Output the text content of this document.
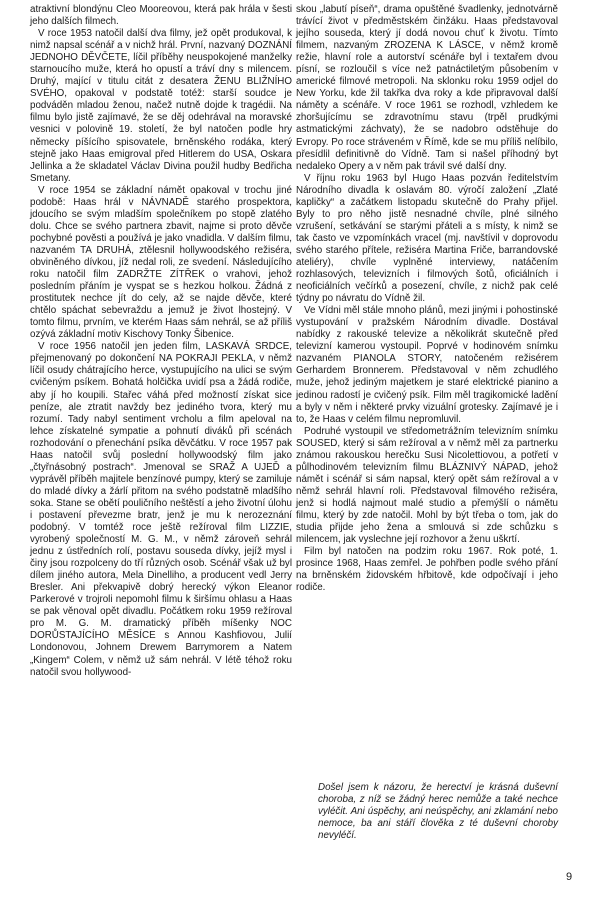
atraktivní blondýnu Cleo Mooreovou, která pak hrála v šesti jeho dalších filmech.

V roce 1953 natočil další dva filmy, jež opět produkoval, k nimž napsal scénář a v nichž hrál. První, nazvaný DOZNÁNÍ JEDNOHO DĚVČETE, líčil příběhy neuspokojené manželky starnoucího muže, která ho opustí a tráví dny s milencem. Druhý, mající v titulu citát z desatera ŽENU BLIŽNÍHO SVÉHO, opakoval v podstatě totéž: starší soudce je podváděn mladou ženou, načež nutně dojde k tragédii. Na filmu bylo jistě zajímavé, že se děj odehrával na moravské vesnici v polovině 19. století, že byl natočen podle hry německy píšícího spisovatele, brněnského rodáka, který stejně jako Haas emigroval před Hitlerem do USA, Oskara Jellinka a že skladatel Václav Divina použil hudby Bedřicha Smetany.

V roce 1954 se základní námět opakoval v trochu jiné podobě: Haas hrál v NÁVNADĚ starého prospektora, jdoucího se svým mladším společníkem po stopě zlatého dolu. Chce se svého partnera zbavit, najme si proto děvče pochybné pověsti a používá je jako vnadidla. V dalším filmu, nazvaném TA DRUHÁ, ztělesnil hollywoodského režiséra, obviněného dívkou, jíž nedal roli, ze svedení. Následujícího roku natočil film ZADRŽTE ZÍTŘEK o vrahovi, jehož posledním přáním je vyspat se s hezkou holkou. Žádná z prostitutek nechce jít do cely, až se najde děvče, které chtělo spáchat sebevraždu a jemuž je život lhostejný. V tomto filmu, prvním, ve kterém Haas sám nehrál, se až příliš ozývá základní motiv Kischovy Tonky Šibenice.

V roce 1956 natočil jen jeden film, LASKAVÁ SRDCE, přejmenovaný po dokončení NA POKRAJI PEKLA, v němž líčil osudy chátrajícího herce, vystupujícího na ulici se svým cvičeným psíkem. Bohatá holčička uvidí psa a žádá rodiče, aby jí ho koupili. Stařec váhá před možností získat sice peníze, ale ztratit navždy bez jediného tvora, který mu rozumí. Tady nabyl sentiment vrcholu a film apeloval na lehce získatelné sympatie a pohnutí diváků při scénách rozhodování o přenechání psíka děvčátku. V roce 1957 pak Haas natočil svůj poslední hollywoodský film jako „čtyřnásobný postrach“. Jmenoval se SRAŽ A UJEĎ a vyprávěl příběh majitele benzínové pumpy, který se zamiluje do mladé dívky a žárlí přitom na svého podstatně mladšího soka. Stane se obětí pouličního neštěstí a jeho životní úlohu i postavení převezme bratr, jenž je mu k nerozeznání podobný. V tomtéž roce ještě režíroval film LIZZIE, vyrobený společností M. G. M., v němž zároveň sehrál jednu z ústředních rolí, postavu souseda dívky, jejíž mysl i činy jsou rozpolceny do tří různých osob. Scénář však už byl dílem jiného autora, Mela Dinelliho, a producent vedl Jerry Bresler. Ani překvapivě dobrý herecký výkon Eleanor Parkerové v trojroli nepomohl filmu k širšímu ohlasu a Haas se pak věnoval opět divadlu. Počátkem roku 1959 režíroval pro M. G. M. dramatický příběh míšenky NOC DORŮSTAJÍCÍHO MĚSÍCE s Annou Kashfiovou, Julií Londonovou, Johnem Drewem Barrymorem a Natem „Kingem“ Colem, v němž už sám nehrál. V létě téhož roku natočil svou hollywood-

skou „labutí píseň“, drama opuštěné švadlenky, jednotvárně trávící život v předměstském činžáku. Haas představoval jejího souseda, který jí dodá novou chuť k životu. Tímto filmem, nazvaným ZROZENA K LÁSCE, v němž kromě režie, hlavní role a autorství scénáře byl i textařem dvou písní, se rozloučil s více než patnáctiletým působením v americké filmové metropoli. Na sklonku roku 1959 odjel do New Yorku, kde žil takřka dva roky a kde připravoval další náměty a scénáře. V roce 1961 se rozhodl, vzhledem ke zhoršujícímu se zdravotnímu stavu (trpěl prudkými astmatickými záchvaty), že se nadobro odstěhuje do Evropy. Po roce stráveném v Římě, kde se mu příliš nelíbilo, přesídlil definitivně do Vídně. Tam si našel příhodný byt nedaleko Opery a v něm pak trávil své další dny.

V říjnu roku 1963 byl Hugo Haas pozván ředitelstvím Národního divadla k oslavám 80. výročí založení „Zlaté kapličky“ a začátkem listopadu skutečně do Prahy přijel. Byly to pro něho jistě nesnadné chvíle, plné silného vzrušení, setkávání se starými přáteli a s místy, k nimž se tak často ve vzpomínkách vracel (mj. navštívil v doprovodu svého starého přítele, režiséra Martina Friče, barrandovské ateliéry), chvíle vyplněné interviewy, natáčením rozhlasových, televizních i filmových šotů, oficiálních i neoficiálních večírků a posezení, chvíle, z nichž pak celé týdny po návratu do Vídně žil.

Ve Vídni měl stále mnoho plánů, mezi jinými i pohostinské vystupování v pražském Národním divadle. Dostával nabídky z rakouské televize a několikrát skutečně před televizní kamerou vystoupil. Poprvé v hodinovém snímku nazvaném PIANOLA STORY, natočeném režisérem Gerhardem Bronnerem. Představoval v něm zchudlého muže, jehož jediným majetkem je staré elektrické pianino a jedinou radostí je cvičený psík. Film měl tragikomické ladění a byly v něm i některé prvky vizuální grotesky. Zajímavé je i to, že Haas v celém filmu nepromluvil.

Podruhé vystoupil ve středometrážním televizním snímku SOUSED, který si sám režíroval a v němž měl za partnerku známou rakouskou herečku Susi Nicolettiovou, a potřetí v půlhodinovém televizním filmu BLÁZNIVÝ NÁPAD, jehož námět i scénář si sám napsal, který opět sám režíroval a v němž sehrál hlavní roli. Představoval filmového režiséra, jenž si hodlá najmout malé studio a přemýšlí o námětu filmu, který by zde natočil. Mohl by být třeba o tom, jak do studia přijde jeho žena a smlouvá si zde schůzku s milencem, jak vyslechne její rozhovor a ženu uškrtí.

Film byl natočen na podzim roku 1967. Rok poté, 1. prosince 1968, Haas zemřel. Je pohřben podle svého přání na brněnském židovském hřbitově, kde odpočívají i jeho rodiče.

Došel jsem k názoru, že herectví je krásná duševní choroba, z níž se žádný herec nemůže a také nechce vyléčit. Ani úspěchy, ani neúspěchy, ani zklamání nebo nemoce, ba ani stáří člověka z té duševní choroby nevyléčí.

9
